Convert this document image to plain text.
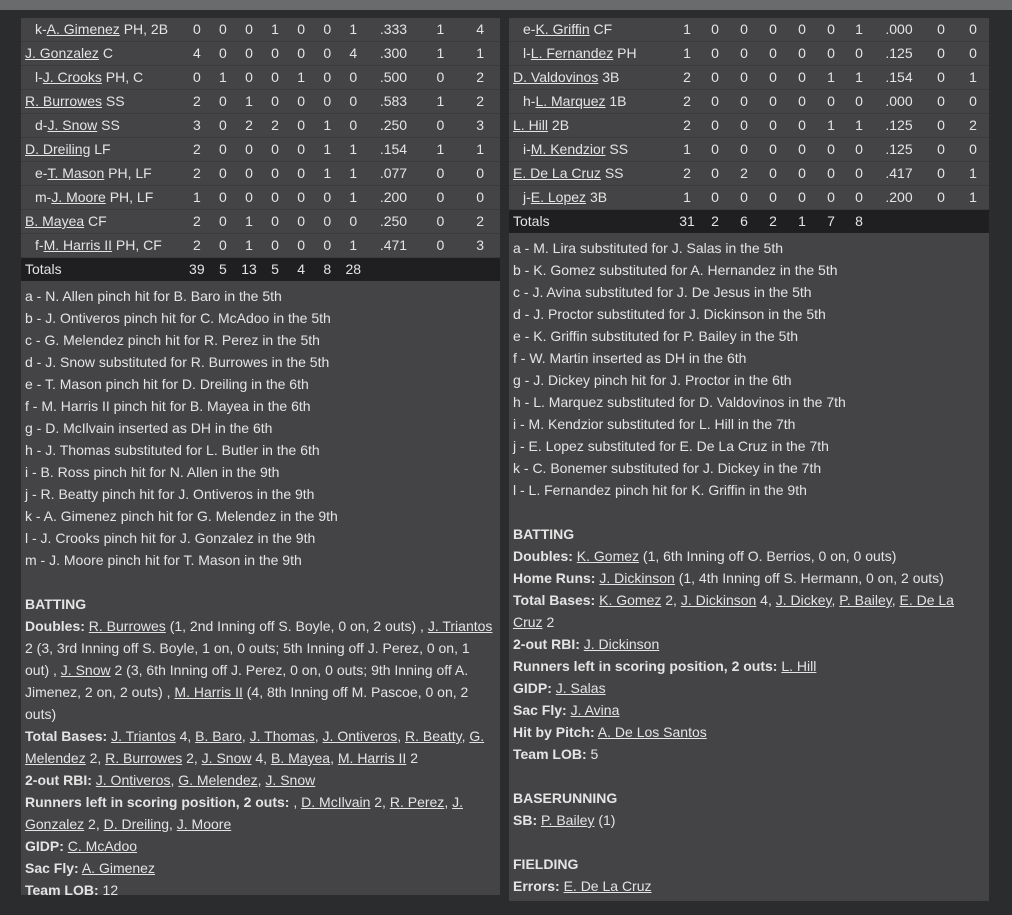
k-A. Gimenez PH, 2B	0	0	0	1	0	0	1	.333	1	4
J. Gonzalez C	4	0	0	0	0	0	4	.300	1	1
l-J. Crooks PH, C	0	1	0	0	1	0	0	.500	0	2
R. Burrowes SS	2	0	1	0	0	0	0	.583	1	2
d-J. Snow SS	3	0	2	2	0	1	0	.250	0	3
D. Dreiling LF	2	0	0	0	0	1	1	.154	1	1
e-T. Mason PH, LF	2	0	0	0	0	1	1	.077	0	0
m-J. Moore PH, LF	1	0	0	0	0	0	1	.200	0	0
B. Mayea CF	2	0	1	0	0	0	0	.250	0	2
f-M. Harris II PH, CF	2	0	1	0	0	0	1	.471	0	3
Totals	39	5	13	5	4	8	28			
a - N. Allen pinch hit for B. Baro in the 5th
b - J. Ontiveros pinch hit for C. McAdoo in the 5th
c - G. Melendez pinch hit for R. Perez in the 5th
d - J. Snow substituted for R. Burrowes in the 5th
e - T. Mason pinch hit for D. Dreiling in the 6th
f - M. Harris II pinch hit for B. Mayea in the 6th
g - D. McIlvain inserted as DH in the 6th
h - J. Thomas substituted for L. Butler in the 6th
i - B. Ross pinch hit for N. Allen in the 9th
j - R. Beatty pinch hit for J. Ontiveros in the 9th
k - A. Gimenez pinch hit for G. Melendez in the 9th
l - J. Crooks pinch hit for J. Gonzalez in the 9th
m - J. Moore pinch hit for T. Mason in the 9th
BATTING
Doubles: R. Burrowes (1, 2nd Inning off S. Boyle, 0 on, 2 outs) , J. Triantos 2 (3, 3rd Inning off S. Boyle, 1 on, 0 outs; 5th Inning off J. Perez, 0 on, 1 out) , J. Snow 2 (3, 6th Inning off J. Perez, 0 on, 0 outs; 9th Inning off A. Jimenez, 2 on, 2 outs) , M. Harris II (4, 8th Inning off M. Pascoe, 0 on, 2 outs)
Total Bases: J. Triantos 4, B. Baro, J. Thomas, J. Ontiveros, R. Beatty, G. Melendez 2, R. Burrowes 2, J. Snow 4, B. Mayea, M. Harris II 2
2-out RBI: J. Ontiveros, G. Melendez, J. Snow
Runners left in scoring position, 2 outs: , D. McIlvain 2, R. Perez, J. Gonzalez 2, D. Dreiling, J. Moore
GIDP: C. McAdoo
Sac Fly: A. Gimenez
Team LOB: 12
e-K. Griffin CF	1	0	0	0	0	0	1	.000	0	0
l-L. Fernandez PH	1	0	0	0	0	0	0	.125	0	0
D. Valdovinos 3B	2	0	0	0	0	1	1	.154	0	1
h-L. Marquez 1B	2	0	0	0	0	0	0	.000	0	0
L. Hill 2B	2	0	0	0	0	1	1	.125	0	2
i-M. Kendzior SS	1	0	0	0	0	0	0	.125	0	0
E. De La Cruz SS	2	0	2	0	0	0	0	.417	0	1
j-E. Lopez 3B	1	0	0	0	0	0	0	.200	0	1
Totals	31	2	6	2	1	7	8			
a - M. Lira substituted for J. Salas in the 5th
b - K. Gomez substituted for A. Hernandez in the 5th
c - J. Avina substituted for J. De Jesus in the 5th
d - J. Proctor substituted for J. Dickinson in the 5th
e - K. Griffin substituted for P. Bailey in the 5th
f - W. Martin inserted as DH in the 6th
g - J. Dickey pinch hit for J. Proctor in the 6th
h - L. Marquez substituted for D. Valdovinos in the 7th
i - M. Kendzior substituted for L. Hill in the 7th
j - E. Lopez substituted for E. De La Cruz in the 7th
k - C. Bonemer substituted for J. Dickey in the 7th
l - L. Fernandez pinch hit for K. Griffin in the 9th
BATTING
Doubles: K. Gomez (1, 6th Inning off O. Berrios, 0 on, 0 outs)
Home Runs: J. Dickinson (1, 4th Inning off S. Hermann, 0 on, 2 outs)
Total Bases: K. Gomez 2, J. Dickinson 4, J. Dickey, P. Bailey, E. De La Cruz 2
2-out RBI: J. Dickinson
Runners left in scoring position, 2 outs: L. Hill
GIDP: J. Salas
Sac Fly: J. Avina
Hit by Pitch: A. De Los Santos
Team LOB: 5
BASERUNNING
SB: P. Bailey (1)
FIELDING
Errors: E. De La Cruz
